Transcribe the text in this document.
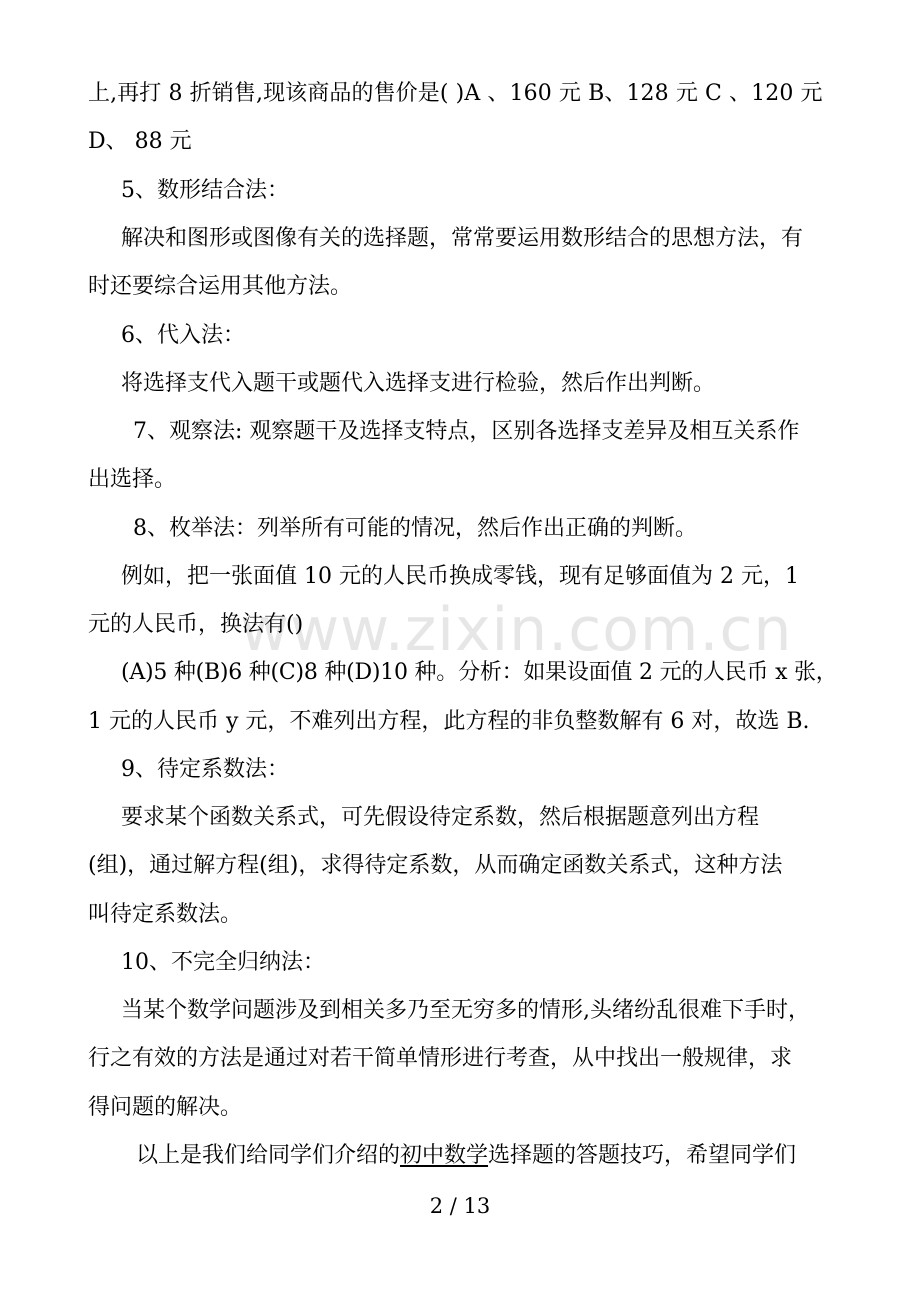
www.zixin.com.cn
上,再打 8 折销售,现该商品的售价是( )A 、160 元 B、128 元 C 、120 元
D、 88 元
5、数形结合法：
解决和图形或图像有关的选择题，常常要运用数形结合的思想方法，有
时还要综合运用其他方法。
6、代入法：
将选择支代入题干或题代入选择支进行检验，然后作出判断。
7、观察法: 观察题干及选择支特点，区别各选择支差异及相互关系作
出选择。
8、枚举法：列举所有可能的情况，然后作出正确的判断。
例如，把一张面值 10 元的人民币换成零钱，现有足够面值为 2 元，1
元的人民币，换法有()
(A)5 种(B)6 种(C)8 种(D)10 种。分析：如果设面值 2 元的人民币 x 张，
1 元的人民币 y 元，不难列出方程，此方程的非负整数解有 6 对，故选 B.
9、待定系数法：
要求某个函数关系式，可先假设待定系数，然后根据题意列出方程
(组)，通过解方程(组)，求得待定系数，从而确定函数关系式，这种方法
叫待定系数法。
10、不完全归纳法：
当某个数学问题涉及到相关多乃至无穷多的情形,头绪纷乱很难下手时，
行之有效的方法是通过对若干简单情形进行考查，从中找出一般规律，求
得问题的解决。
以上是我们给同学们介绍的初中数学选择题的答题技巧，希望同学们
2 / 13
